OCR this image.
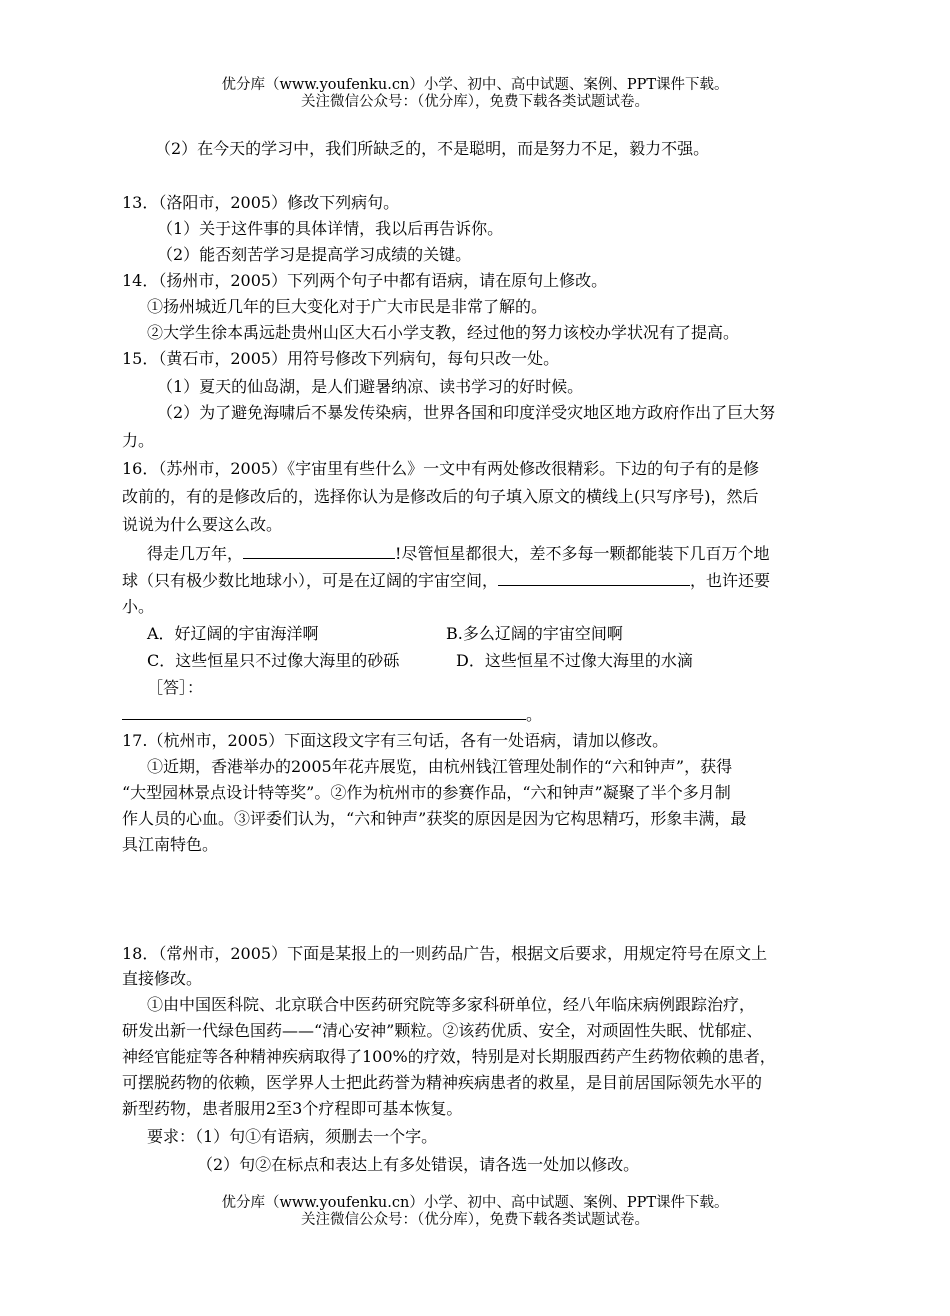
优分库（www.youfenku.cn）小学、初中、高中试题、案例、PPT课件下载。
关注微信公众号：（优分库），免费下载各类试题试卷。
（2）在今天的学习中，我们所缺乏的，不是聪明，而是努力不足，毅力不强。
13．（洛阳市，2005）修改下列病句。
（1）关于这件事的具体详情，我以后再告诉你。
（2）能否刻苦学习是提高学习成绩的关键。
14．（扬州市，2005）下列两个句子中都有语病，请在原句上修改。
①扬州城近几年的巨大变化对于广大市民是非常了解的。
②大学生徐本禹远赴贵州山区大石小学支教，经过他的努力该校办学状况有了提高。
15．（黄石市，2005）用符号修改下列病句，每句只改一处。
（1）夏天的仙岛湖，是人们避暑纳凉、读书学习的好时候。
（2）为了避免海啸后不暴发传染病，世界各国和印度洋受灾地区地方政府作出了巨大努
力。
16．（苏州市，2005）《宇宙里有些什么》一文中有两处修改很精彩。下边的句子有的是修
改前的，有的是修改后的，选择你认为是修改后的句子填入原文的横线上(只写序号)，然后
说说为什么要这么改。
得走几万年，	!尽管恒星都很大，差不多每一颗都能装下几百万个地
球（只有极少数比地球小），可是在辽阔的宇宙空间，	，也许还要
小。
A．好辽阔的宇宙海洋啊	B.多么辽阔的宇宙空间啊
C．这些恒星只不过像大海里的砂砾	D．这些恒星不过像大海里的水滴
［答］：
。
17.（杭州市，2005）下面这段文字有三句话，各有一处语病，请加以修改。
①近期，香港举办的2005年花卉展览，由杭州钱江管理处制作的“六和钟声”，获得
“大型园林景点设计特等奖”。②作为杭州市的参赛作品，“六和钟声”凝聚了半个多月制
作人员的心血。③评委们认为，“六和钟声”获奖的原因是因为它构思精巧，形象丰满，最
具江南特色。
18．（常州市，2005）下面是某报上的一则药品广告，根据文后要求，用规定符号在原文上
直接修改。
①由中国医科院、北京联合中医药研究院等多家科研单位，经八年临床病例跟踪治疗，
研发出新一代绿色国药——“清心安神”颗粒。②该药优质、安全，对顽固性失眠、忧郁症、
神经官能症等各种精神疾病取得了100%的疗效，特别是对长期服西药产生药物依赖的患者，
可摆脱药物的依赖，医学界人士把此药誉为精神疾病患者的救星，是目前居国际领先水平的
新型药物，患者服用2至3个疗程即可基本恢复。
要求：（1）句①有语病，须删去一个字。
（2）句②在标点和表达上有多处错误，请各选一处加以修改。
优分库（www.youfenku.cn）小学、初中、高中试题、案例、PPT课件下载。
关注微信公众号：（优分库），免费下载各类试题试卷。
